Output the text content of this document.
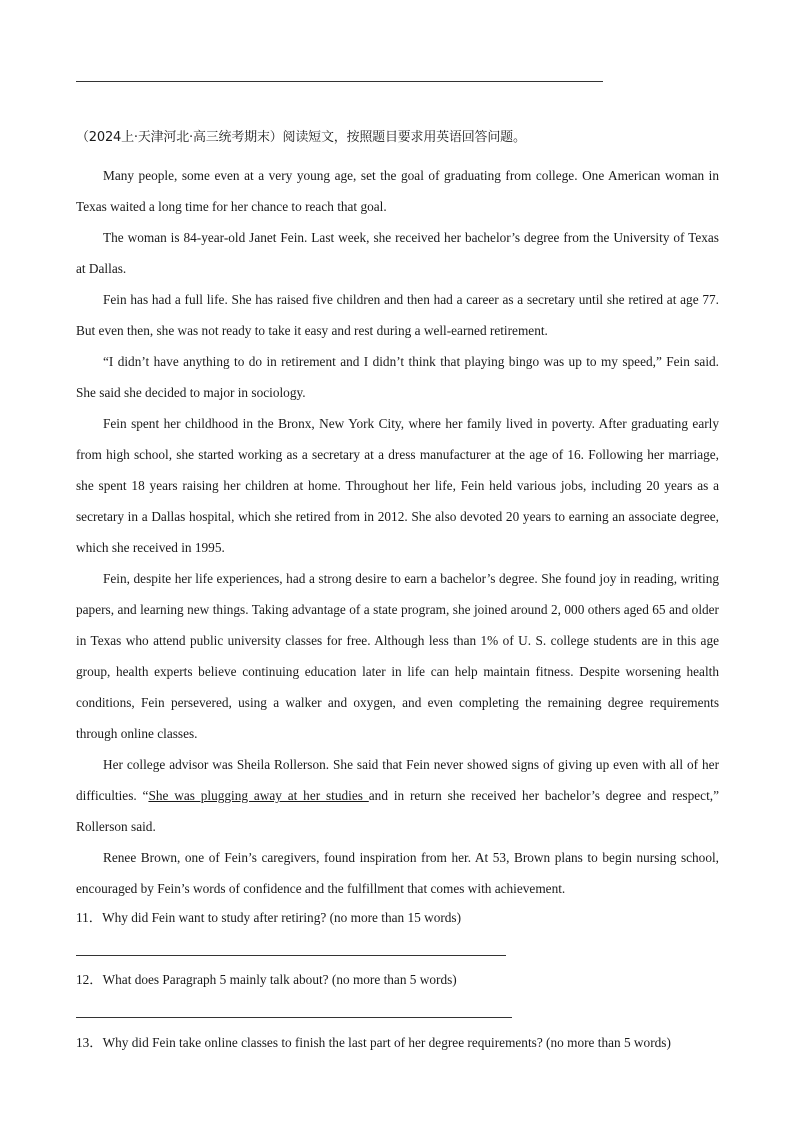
（2024上·天津河北·高三统考期末）阅读短文，按照题目要求用英语回答问题。

Many people, some even at a very young age, set the goal of graduating from college. One American woman in Texas waited a long time for her chance to reach that goal.

The woman is 84-year-old Janet Fein. Last week, she received her bachelor’s degree from the University of Texas at Dallas.

Fein has had a full life. She has raised five children and then had a career as a secretary until she retired at age 77. But even then, she was not ready to take it easy and rest during a well-earned retirement.

“I didn’t have anything to do in retirement and I didn’t think that playing bingo was up to my speed,” Fein said. She said she decided to major in sociology.

Fein spent her childhood in the Bronx, New York City, where her family lived in poverty. After graduating early from high school, she started working as a secretary at a dress manufacturer at the age of 16. Following her marriage, she spent 18 years raising her children at home. Throughout her life, Fein held various jobs, including 20 years as a secretary in a Dallas hospital, which she retired from in 2012. She also devoted 20 years to earning an associate degree, which she received in 1995.

Fein, despite her life experiences, had a strong desire to earn a bachelor’s degree. She found joy in reading, writing papers, and learning new things. Taking advantage of a state program, she joined around 2, 000 others aged 65 and older in Texas who attend public university classes for free. Although less than 1% of U. S. college students are in this age group, health experts believe continuing education later in life can help maintain fitness. Despite worsening health conditions, Fein persevered, using a walker and oxygen, and even completing the remaining degree requirements through online classes.

Her college advisor was Sheila Rollerson. She said that Fein never showed signs of giving up even with all of her difficulties. “She was plugging away at her studies and in return she received her bachelor’s degree and respect,” Rollerson said.

Renee Brown, one of Fein’s caregivers, found inspiration from her. At 53, Brown plans to begin nursing school, encouraged by Fein’s words of confidence and the fulfillment that comes with achievement.

11．Why did Fein want to study after retiring? (no more than 15 words)
12．What does Paragraph 5 mainly talk about? (no more than 5 words)
13．Why did Fein take online classes to finish the last part of her degree requirements? (no more than 5 words)
